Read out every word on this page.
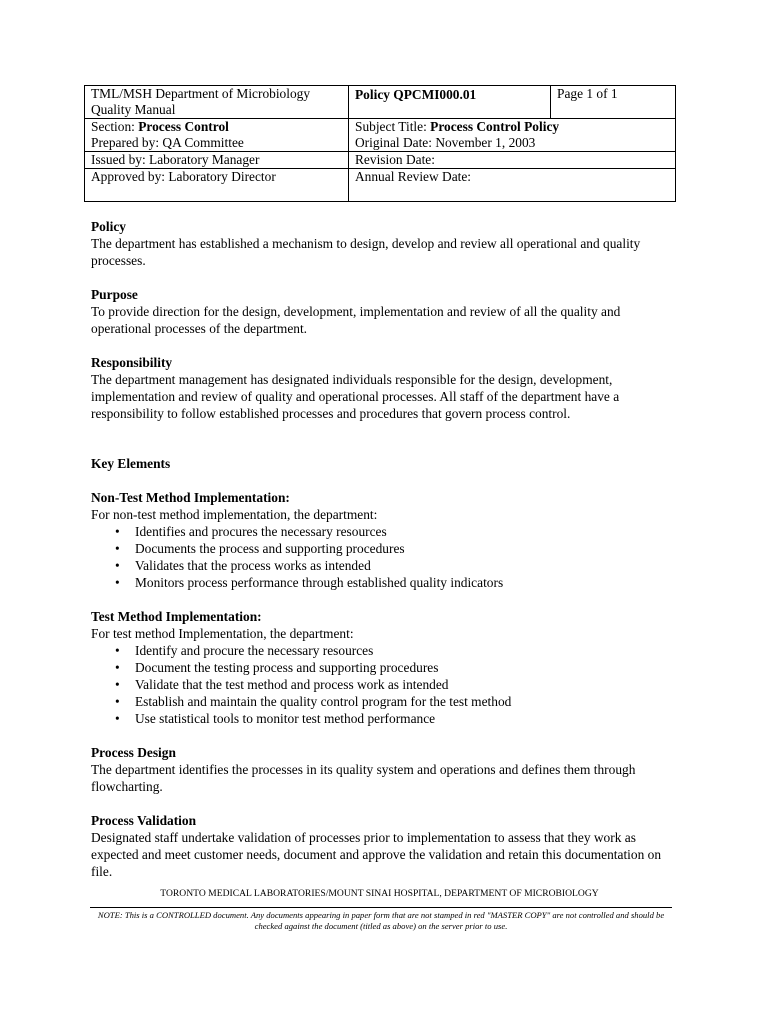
TML/MSH Department of Microbiology Quality Manual	Policy QPCMI000.01	Page 1 of 1
Section: Process Control	Subject Title: Process Control Policy	
Prepared by: QA Committee	Original Date: November 1, 2003	
Issued by: Laboratory Manager	Revision Date:	
Approved by: Laboratory Director	Annual Review Date:	
Policy

The department has established a mechanism to design, develop and review all operational and quality processes.

Purpose

To provide direction for the design, development, implementation and review of all the quality and operational processes of the department.

Responsibility

The department management has designated individuals responsible for the design, development, implementation and review of quality and operational processes. All staff of the department have a responsibility to follow established processes and procedures that govern process control.

Key Elements
Non-Test Method Implementation:

For non-test method implementation, the department:

• Identifies and procures the necessary resources
• Documents the process and supporting procedures
• Validates that the process works as intended
• Monitors process performance through established quality indicators
Test Method Implementation:

For test method Implementation, the department:

• Identify and procure the necessary resources
• Document the testing process and supporting procedures
• Validate that the test method and process work as intended
• Establish and maintain the quality control program for the test method
• Use statistical tools to monitor test method performance
Process Design

The department identifies the processes in its quality system and operations and defines them through flowcharting.

Process Validation

Designated staff undertake validation of processes prior to implementation to assess that they work as expected and meet customer needs, document and approve the validation and retain this documentation on file.

TORONTO MEDICAL LABORATORIES/MOUNT SINAI HOSPITAL, DEPARTMENT OF MICROBIOLOGY
NOTE: This is a CONTROLLED document. Any documents appearing in paper form that are not stamped in red "MASTER COPY" are not controlled and should be checked against the document (titled as above) on the server prior to use.
